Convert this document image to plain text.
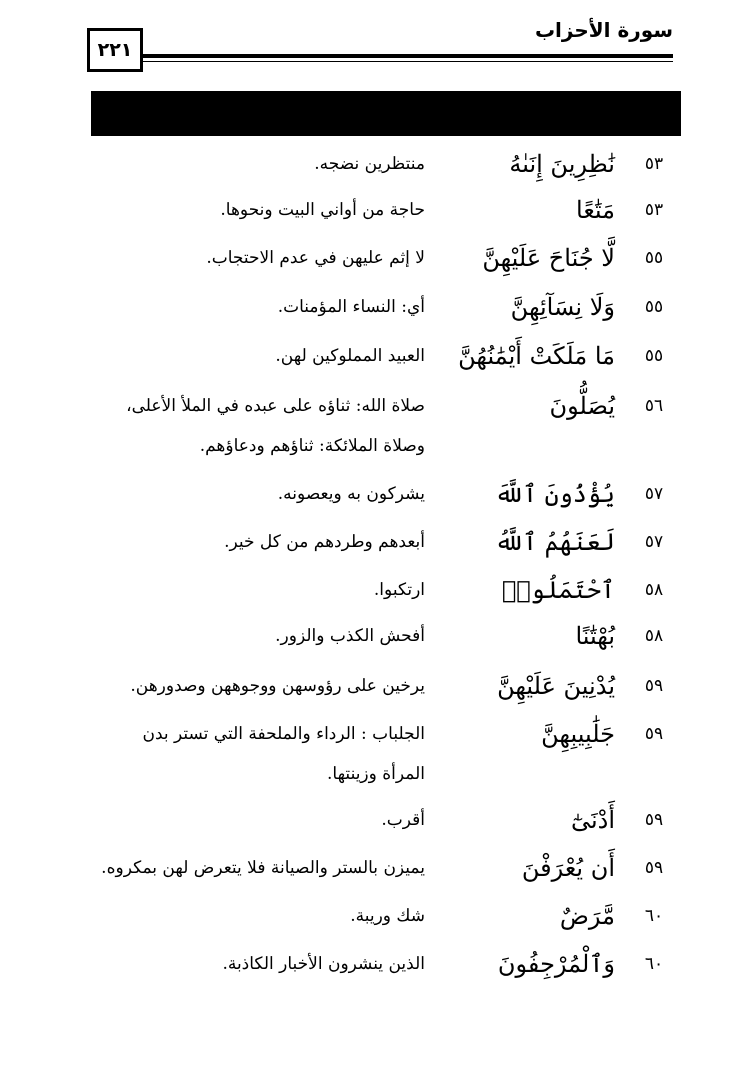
سورة الأحزاب
٢٢١
٥٣
نَٰظِرِينَ إِنَىٰهُ
منتظرين نضجه.
٥٣
مَتَٰعًا
حاجة من أواني البيت ونحوها.
٥٥
لَّا جُنَاحَ عَلَيْهِنَّ
لا إثم عليهن في عدم الاحتجاب.
٥٥
وَلَا نِسَآئِهِنَّ
أي: النساء المؤمنات.
٥٥
مَا مَلَكَتْ أَيْمَٰنُهُنَّ
العبيد المملوكين لهن.
٥٦
يُصَلُّونَ
صلاة الله: ثناؤه على عبده في الملأ الأعلى، وصلاة الملائكة: ثناؤهم ودعاؤهم.
٥٧
يُؤْذُونَ ٱللَّهَ
يشركون به ويعصونه.
٥٧
لَعَنَهُمُ ٱللَّهُ
أبعدهم وطردهم من كل خير.
٥٨
ٱحْتَمَلُوا۟
ارتكبوا.
٥٨
بُهْتَٰنًا
أفحش الكذب والزور.
٥٩
يُدْنِينَ عَلَيْهِنَّ
يرخين على رؤوسهن ووجوههن وصدورهن.
٥٩
جَلَٰبِيبِهِنَّ
الجلباب : الرداء والملحفة التي تستر بدن المرأة وزينتها.
٥٩
أَدْنَىٰٓ
أقرب.
٥٩
أَن يُعْرَفْنَ
يميزن بالستر والصيانة فلا يتعرض لهن بمكروه.
٦٠
مَّرَضٌ
شك وريبة.
٦٠
وَٱلْمُرْجِفُونَ
الذين ينشرون الأخبار الكاذبة.
